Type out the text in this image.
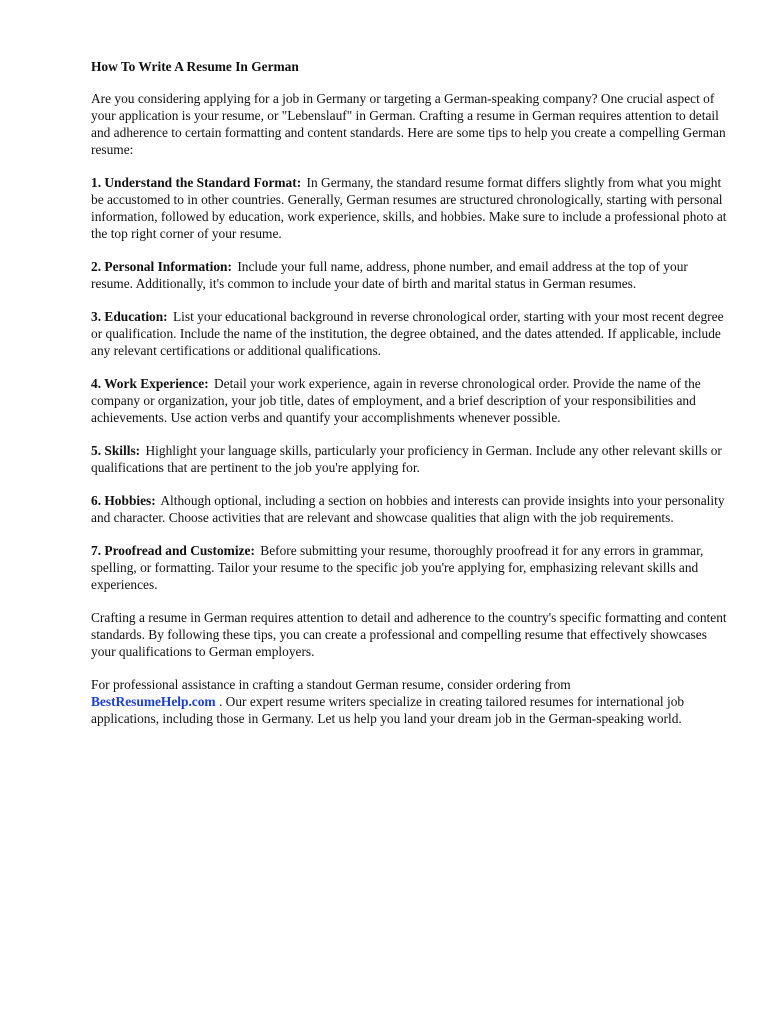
How To Write A Resume In German

Are you considering applying for a job in Germany or targeting a German-speaking company? One crucial aspect of your application is your resume, or "Lebenslauf" in German. Crafting a resume in German requires attention to detail and adherence to certain formatting and content standards. Here are some tips to help you create a compelling German resume:

1. Understand the Standard Format: In Germany, the standard resume format differs slightly from what you might be accustomed to in other countries. Generally, German resumes are structured chronologically, starting with personal information, followed by education, work experience, skills, and hobbies. Make sure to include a professional photo at the top right corner of your resume.

2. Personal Information: Include your full name, address, phone number, and email address at the top of your resume. Additionally, it's common to include your date of birth and marital status in German resumes.

3. Education: List your educational background in reverse chronological order, starting with your most recent degree or qualification. Include the name of the institution, the degree obtained, and the dates attended. If applicable, include any relevant certifications or additional qualifications.

4. Work Experience: Detail your work experience, again in reverse chronological order. Provide the name of the company or organization, your job title, dates of employment, and a brief description of your responsibilities and achievements. Use action verbs and quantify your accomplishments whenever possible.

5. Skills: Highlight your language skills, particularly your proficiency in German. Include any other relevant skills or qualifications that are pertinent to the job you're applying for.

6. Hobbies: Although optional, including a section on hobbies and interests can provide insights into your personality and character. Choose activities that are relevant and showcase qualities that align with the job requirements.

7. Proofread and Customize: Before submitting your resume, thoroughly proofread it for any errors in grammar, spelling, or formatting. Tailor your resume to the specific job you're applying for, emphasizing relevant skills and experiences.

Crafting a resume in German requires attention to detail and adherence to the country's specific formatting and content standards. By following these tips, you can create a professional and compelling resume that effectively showcases your qualifications to German employers.

For professional assistance in crafting a standout German resume, consider ordering from
BestResumeHelp.com . Our expert resume writers specialize in creating tailored resumes for international job applications, including those in Germany. Let us help you land your dream job in the German-speaking world.
